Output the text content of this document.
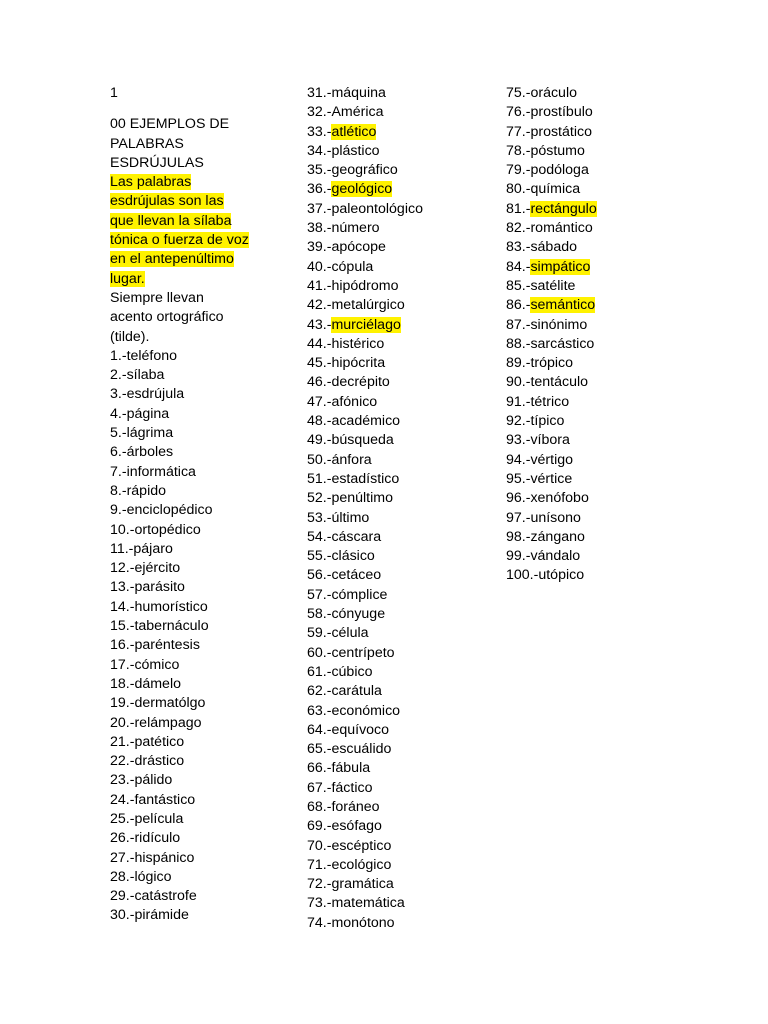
1
00 EJEMPLOS DE
PALABRAS
ESDRÚJULAS
Las palabras
esdrújulas son las
que llevan la sílaba
tónica o fuerza de voz
en el antepenúltimo
lugar.
Siempre llevan
acento ortográfico
(tilde).
1.-teléfono
2.-sílaba
3.-esdrújula
4.-página
5.-lágrima
6.-árboles
7.-informática
8.-rápido
9.-enciclopédico
10.-ortopédico
11.-pájaro
12.-ejército
13.-parásito
14.-humorístico
15.-tabernáculo
16.-paréntesis
17.-cómico
18.-dámelo
19.-dermatólgo
20.-relámpago
21.-patético
22.-drástico
23.-pálido
24.-fantástico
25.-película
26.-ridículo
27.-hispánico
28.-lógico
29.-catástrofe
30.-pirámide
31.-máquina
32.-América
33.-atlético
34.-plástico
35.-geográfico
36.-geológico
37.-paleontológico
38.-número
39.-apócope
40.-cópula
41.-hipódromo
42.-metalúrgico
43.-murciélago
44.-histérico
45.-hipócrita
46.-decrépito
47.-afónico
48.-académico
49.-búsqueda
50.-ánfora
51.-estadístico
52.-penúltimo
53.-último
54.-cáscara
55.-clásico
56.-cetáceo
57.-cómplice
58.-cónyuge
59.-célula
60.-centrípeto
61.-cúbico
62.-carátula
63.-económico
64.-equívoco
65.-escuálido
66.-fábula
67.-fáctico
68.-foráneo
69.-esófago
70.-escéptico
71.-ecológico
72.-gramática
73.-matemática
74.-monótono
75.-oráculo
76.-prostíbulo
77.-prostático
78.-póstumo
79.-podóloga
80.-química
81.-rectángulo
82.-romántico
83.-sábado
84.-simpático
85.-satélite
86.-semántico
87.-sinónimo
88.-sarcástico
89.-trópico
90.-tentáculo
91.-tétrico
92.-típico
93.-víbora
94.-vértigo
95.-vértice
96.-xenófobo
97.-unísono
98.-zángano
99.-vándalo
100.-utópico
